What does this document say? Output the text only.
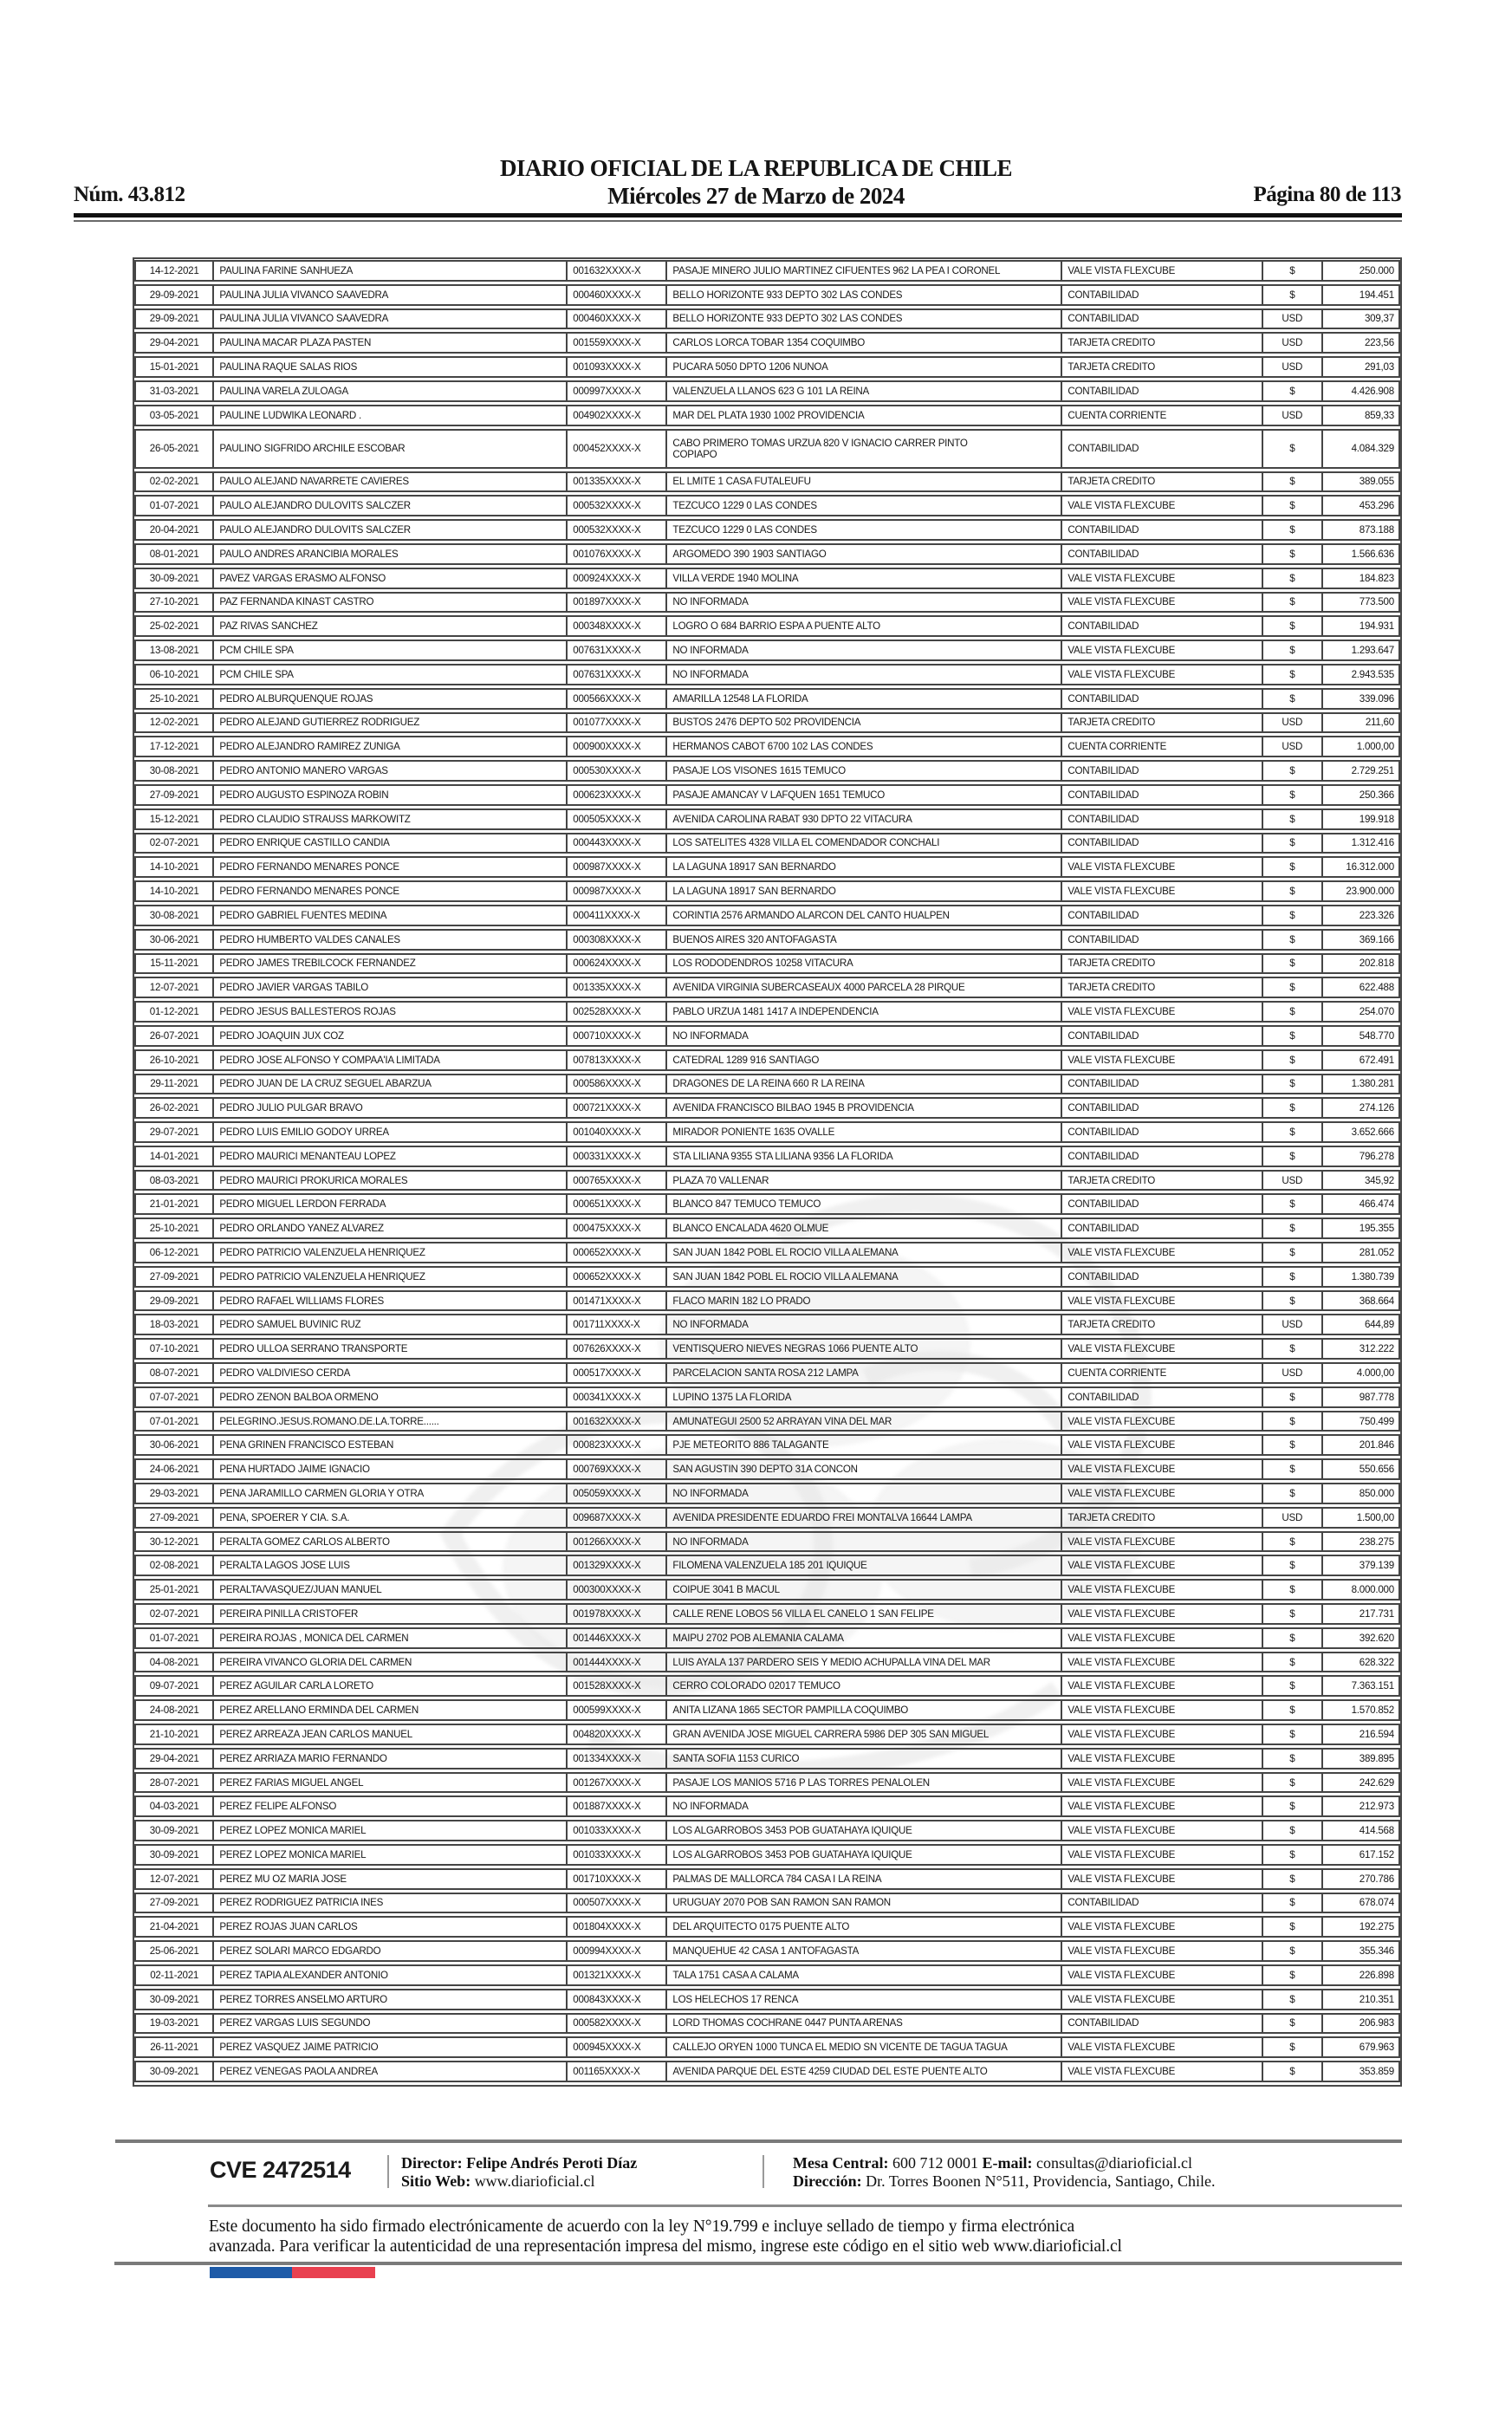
Núm. 43.812
DIARIO OFICIAL DE LA REPUBLICA DE CHILE
Miércoles 27 de Marzo de 2024	Página 80 de 113
14-12-2021	PAULINA FARINE SANHUEZA	001632XXXX-X	PASAJE MINERO JULIO MARTINEZ CIFUENTES 962 LA PEA I CORONEL	VALE VISTA FLEXCUBE	$	250.000
29-09-2021	PAULINA JULIA VIVANCO SAAVEDRA	000460XXXX-X	BELLO HORIZONTE 933 DEPTO 302 LAS CONDES	CONTABILIDAD	$	194.451
29-09-2021	PAULINA JULIA VIVANCO SAAVEDRA	000460XXXX-X	BELLO HORIZONTE 933 DEPTO 302 LAS CONDES	CONTABILIDAD	USD	309,37
29-04-2021	PAULINA MACAR PLAZA PASTEN	001559XXXX-X	CARLOS LORCA TOBAR 1354 COQUIMBO	TARJETA CREDITO	USD	223,56
15-01-2021	PAULINA RAQUE SALAS RIOS	001093XXXX-X	PUCARA 5050 DPTO 1206 NUNOA	TARJETA CREDITO	USD	291,03
31-03-2021	PAULINA VARELA ZULOAGA	000997XXXX-X	VALENZUELA LLANOS 623 G 101 LA REINA	CONTABILIDAD	$	4.426.908
03-05-2021	PAULINE LUDWIKA LEONARD .	004902XXXX-X	MAR DEL PLATA 1930 1002 PROVIDENCIA	CUENTA CORRIENTE	USD	859,33
26-05-2021	PAULINO SIGFRIDO ARCHILE ESCOBAR	000452XXXX-X	CABO PRIMERO TOMAS URZUA 820 V IGNACIO CARRER PINTO
COPIAPO	CONTABILIDAD	$	4.084.329
02-02-2021	PAULO ALEJAND NAVARRETE CAVIERES	001335XXXX-X	EL LMITE 1 CASA FUTALEUFU	TARJETA CREDITO	$	389.055
01-07-2021	PAULO ALEJANDRO DULOVITS SALCZER	000532XXXX-X	TEZCUCO 1229 0 LAS CONDES	VALE VISTA FLEXCUBE	$	453.296
20-04-2021	PAULO ALEJANDRO DULOVITS SALCZER	000532XXXX-X	TEZCUCO 1229 0 LAS CONDES	CONTABILIDAD	$	873.188
08-01-2021	PAULO ANDRES ARANCIBIA MORALES	001076XXXX-X	ARGOMEDO 390 1903 SANTIAGO	CONTABILIDAD	$	1.566.636
30-09-2021	PAVEZ VARGAS ERASMO ALFONSO	000924XXXX-X	VILLA VERDE 1940 MOLINA	VALE VISTA FLEXCUBE	$	184.823
27-10-2021	PAZ FERNANDA KINAST CASTRO	001897XXXX-X	NO INFORMADA	VALE VISTA FLEXCUBE	$	773.500
25-02-2021	PAZ RIVAS SANCHEZ	000348XXXX-X	LOGRO O 684 BARRIO ESPA A PUENTE ALTO	CONTABILIDAD	$	194.931
13-08-2021	PCM CHILE SPA	007631XXXX-X	NO INFORMADA	VALE VISTA FLEXCUBE	$	1.293.647
06-10-2021	PCM CHILE SPA	007631XXXX-X	NO INFORMADA	VALE VISTA FLEXCUBE	$	2.943.535
25-10-2021	PEDRO ALBURQUENQUE ROJAS	000566XXXX-X	AMARILLA 12548 LA FLORIDA	CONTABILIDAD	$	339.096
12-02-2021	PEDRO ALEJAND GUTIERREZ RODRIGUEZ	001077XXXX-X	BUSTOS 2476 DEPTO 502 PROVIDENCIA	TARJETA CREDITO	USD	211,60
17-12-2021	PEDRO ALEJANDRO RAMIREZ ZUNIGA	000900XXXX-X	HERMANOS CABOT 6700 102 LAS CONDES	CUENTA CORRIENTE	USD	1.000,00
30-08-2021	PEDRO ANTONIO MANERO VARGAS	000530XXXX-X	PASAJE LOS VISONES 1615 TEMUCO	CONTABILIDAD	$	2.729.251
27-09-2021	PEDRO AUGUSTO ESPINOZA ROBIN	000623XXXX-X	PASAJE AMANCAY V LAFQUEN 1651 TEMUCO	CONTABILIDAD	$	250.366
15-12-2021	PEDRO CLAUDIO STRAUSS MARKOWITZ	000505XXXX-X	AVENIDA CAROLINA RABAT 930 DPTO 22 VITACURA	CONTABILIDAD	$	199.918
02-07-2021	PEDRO ENRIQUE CASTILLO CANDIA	000443XXXX-X	LOS SATELITES 4328 VILLA EL COMENDADOR CONCHALI	CONTABILIDAD	$	1.312.416
14-10-2021	PEDRO FERNANDO MENARES PONCE	000987XXXX-X	LA LAGUNA 18917 SAN BERNARDO	VALE VISTA FLEXCUBE	$	16.312.000
14-10-2021	PEDRO FERNANDO MENARES PONCE	000987XXXX-X	LA LAGUNA 18917 SAN BERNARDO	VALE VISTA FLEXCUBE	$	23.900.000
30-08-2021	PEDRO GABRIEL FUENTES MEDINA	000411XXXX-X	CORINTIA 2576 ARMANDO ALARCON DEL CANTO HUALPEN	CONTABILIDAD	$	223.326
30-06-2021	PEDRO HUMBERTO VALDES CANALES	000308XXXX-X	BUENOS AIRES 320 ANTOFAGASTA	CONTABILIDAD	$	369.166
15-11-2021	PEDRO JAMES TREBILCOCK FERNANDEZ	000624XXXX-X	LOS RODODENDROS 10258 VITACURA	TARJETA CREDITO	$	202.818
12-07-2021	PEDRO JAVIER VARGAS TABILO	001335XXXX-X	AVENIDA VIRGINIA SUBERCASEAUX 4000 PARCELA 28 PIRQUE	TARJETA CREDITO	$	622.488
01-12-2021	PEDRO JESUS BALLESTEROS ROJAS	002528XXXX-X	PABLO URZUA 1481 1417 A INDEPENDENCIA	VALE VISTA FLEXCUBE	$	254.070
26-07-2021	PEDRO JOAQUIN JUX COZ	000710XXXX-X	NO INFORMADA	CONTABILIDAD	$	548.770
26-10-2021	PEDRO JOSE ALFONSO Y COMPAA'IA LIMITADA	007813XXXX-X	CATEDRAL 1289 916 SANTIAGO	VALE VISTA FLEXCUBE	$	672.491
29-11-2021	PEDRO JUAN DE LA CRUZ SEGUEL ABARZUA	000586XXXX-X	DRAGONES DE LA REINA 660 R LA REINA	CONTABILIDAD	$	1.380.281
26-02-2021	PEDRO JULIO PULGAR BRAVO	000721XXXX-X	AVENIDA FRANCISCO BILBAO 1945 B PROVIDENCIA	CONTABILIDAD	$	274.126
29-07-2021	PEDRO LUIS EMILIO GODOY URREA	001040XXXX-X	MIRADOR PONIENTE 1635 OVALLE	CONTABILIDAD	$	3.652.666
14-01-2021	PEDRO MAURICI MENANTEAU LOPEZ	000331XXXX-X	STA LILIANA 9355 STA LILIANA 9356 LA FLORIDA	CONTABILIDAD	$	796.278
08-03-2021	PEDRO MAURICI PROKURICA MORALES	000765XXXX-X	PLAZA 70 VALLENAR	TARJETA CREDITO	USD	345,92
21-01-2021	PEDRO MIGUEL LERDON FERRADA	000651XXXX-X	BLANCO 847 TEMUCO TEMUCO	CONTABILIDAD	$	466.474
25-10-2021	PEDRO ORLANDO YANEZ ALVAREZ	000475XXXX-X	BLANCO ENCALADA 4620 OLMUE	CONTABILIDAD	$	195.355
06-12-2021	PEDRO PATRICIO VALENZUELA HENRIQUEZ	000652XXXX-X	SAN JUAN 1842 POBL EL ROCIO VILLA ALEMANA	VALE VISTA FLEXCUBE	$	281.052
27-09-2021	PEDRO PATRICIO VALENZUELA HENRIQUEZ	000652XXXX-X	SAN JUAN 1842 POBL EL ROCIO VILLA ALEMANA	CONTABILIDAD	$	1.380.739
29-09-2021	PEDRO RAFAEL WILLIAMS FLORES	001471XXXX-X	FLACO MARIN 182 LO PRADO	VALE VISTA FLEXCUBE	$	368.664
18-03-2021	PEDRO SAMUEL BUVINIC RUZ	001711XXXX-X	NO INFORMADA	TARJETA CREDITO	USD	644,89
07-10-2021	PEDRO ULLOA SERRANO TRANSPORTE	007626XXXX-X	VENTISQUERO NIEVES NEGRAS 1066 PUENTE ALTO	VALE VISTA FLEXCUBE	$	312.222
08-07-2021	PEDRO VALDIVIESO CERDA	000517XXXX-X	PARCELACION SANTA ROSA 212 LAMPA	CUENTA CORRIENTE	USD	4.000,00
07-07-2021	PEDRO ZENON BALBOA ORMENO	000341XXXX-X	LUPINO 1375 LA FLORIDA	CONTABILIDAD	$	987.778
07-01-2021	PELEGRINO.JESUS.ROMANO.DE.LA.TORRE......	001632XXXX-X	AMUNATEGUI 2500 52 ARRAYAN VINA DEL MAR	VALE VISTA FLEXCUBE	$	750.499
30-06-2021	PENA GRINEN FRANCISCO ESTEBAN	000823XXXX-X	PJE METEORITO 886 TALAGANTE	VALE VISTA FLEXCUBE	$	201.846
24-06-2021	PENA HURTADO JAIME IGNACIO	000769XXXX-X	SAN AGUSTIN 390 DEPTO 31A CONCON	VALE VISTA FLEXCUBE	$	550.656
29-03-2021	PENA JARAMILLO CARMEN GLORIA Y OTRA	005059XXXX-X	NO INFORMADA	VALE VISTA FLEXCUBE	$	850.000
27-09-2021	PENA, SPOERER Y CIA. S.A.	009687XXXX-X	AVENIDA PRESIDENTE EDUARDO FREI MONTALVA 16644 LAMPA	TARJETA CREDITO	USD	1.500,00
30-12-2021	PERALTA GOMEZ CARLOS ALBERTO	001266XXXX-X	NO INFORMADA	VALE VISTA FLEXCUBE	$	238.275
02-08-2021	PERALTA LAGOS JOSE LUIS	001329XXXX-X	FILOMENA VALENZUELA 185 201 IQUIQUE	VALE VISTA FLEXCUBE	$	379.139
25-01-2021	PERALTA/VASQUEZ/JUAN MANUEL	000300XXXX-X	COIPUE 3041 B MACUL	VALE VISTA FLEXCUBE	$	8.000.000
02-07-2021	PEREIRA PINILLA CRISTOFER	001978XXXX-X	CALLE RENE LOBOS 56 VILLA EL CANELO 1 SAN FELIPE	VALE VISTA FLEXCUBE	$	217.731
01-07-2021	PEREIRA ROJAS , MONICA DEL CARMEN	001446XXXX-X	MAIPU 2702 POB ALEMANIA CALAMA	VALE VISTA FLEXCUBE	$	392.620
04-08-2021	PEREIRA VIVANCO GLORIA DEL CARMEN	001444XXXX-X	LUIS AYALA 137 PARDERO SEIS Y MEDIO ACHUPALLA VINA DEL MAR	VALE VISTA FLEXCUBE	$	628.322
09-07-2021	PEREZ AGUILAR CARLA LORETO	001528XXXX-X	CERRO COLORADO 02017 TEMUCO	VALE VISTA FLEXCUBE	$	7.363.151
24-08-2021	PEREZ ARELLANO ERMINDA DEL CARMEN	000599XXXX-X	ANITA LIZANA 1865 SECTOR PAMPILLA COQUIMBO	VALE VISTA FLEXCUBE	$	1.570.852
21-10-2021	PEREZ ARREAZA JEAN CARLOS MANUEL	004820XXXX-X	GRAN AVENIDA JOSE MIGUEL CARRERA 5986 DEP 305 SAN MIGUEL	VALE VISTA FLEXCUBE	$	216.594
29-04-2021	PEREZ ARRIAZA MARIO FERNANDO	001334XXXX-X	SANTA SOFIA 1153 CURICO	VALE VISTA FLEXCUBE	$	389.895
28-07-2021	PEREZ FARIAS MIGUEL ANGEL	001267XXXX-X	PASAJE LOS MANIOS 5716 P LAS TORRES PENALOLEN	VALE VISTA FLEXCUBE	$	242.629
04-03-2021	PEREZ FELIPE ALFONSO	001887XXXX-X	NO INFORMADA	VALE VISTA FLEXCUBE	$	212.973
30-09-2021	PEREZ LOPEZ MONICA MARIEL	001033XXXX-X	LOS ALGARROBOS 3453 POB GUATAHAYA IQUIQUE	VALE VISTA FLEXCUBE	$	414.568
30-09-2021	PEREZ LOPEZ MONICA MARIEL	001033XXXX-X	LOS ALGARROBOS 3453 POB GUATAHAYA IQUIQUE	VALE VISTA FLEXCUBE	$	617.152
12-07-2021	PEREZ MU OZ MARIA JOSE	001710XXXX-X	PALMAS DE MALLORCA 784 CASA I LA REINA	VALE VISTA FLEXCUBE	$	270.786
27-09-2021	PEREZ RODRIGUEZ PATRICIA INES	000507XXXX-X	URUGUAY 2070 POB SAN RAMON SAN RAMON	CONTABILIDAD	$	678.074
21-04-2021	PEREZ ROJAS JUAN CARLOS	001804XXXX-X	DEL ARQUITECTO 0175 PUENTE ALTO	VALE VISTA FLEXCUBE	$	192.275
25-06-2021	PEREZ SOLARI MARCO EDGARDO	000994XXXX-X	MANQUEHUE 42 CASA 1 ANTOFAGASTA	VALE VISTA FLEXCUBE	$	355.346
02-11-2021	PEREZ TAPIA ALEXANDER ANTONIO	001321XXXX-X	TALA 1751 CASA A CALAMA	VALE VISTA FLEXCUBE	$	226.898
30-09-2021	PEREZ TORRES ANSELMO ARTURO	000843XXXX-X	LOS HELECHOS 17 RENCA	VALE VISTA FLEXCUBE	$	210.351
19-03-2021	PEREZ VARGAS LUIS SEGUNDO	000582XXXX-X	LORD THOMAS COCHRANE 0447 PUNTA ARENAS	CONTABILIDAD	$	206.983
26-11-2021	PEREZ VASQUEZ JAIME PATRICIO	000945XXXX-X	CALLEJO ORYEN 1000 TUNCA EL MEDIO SN VICENTE DE TAGUA TAGUA	VALE VISTA FLEXCUBE	$	679.963
30-09-2021	PEREZ VENEGAS PAOLA ANDREA	001165XXXX-X	AVENIDA PARQUE DEL ESTE 4259 CIUDAD DEL ESTE PUENTE ALTO	VALE VISTA FLEXCUBE	$	353.859
CVE 2472514	Director: Felipe Andrés Peroti Díaz
Sitio Web: www.diarioficial.cl
Mesa Central: 600 712 0001 E-mail: consultas@diarioficial.cl
Dirección: Dr. Torres Boonen N°511, Providencia, Santiago, Chile.
Este documento ha sido firmado electrónicamente de acuerdo con la ley N°19.799 e incluye sellado de tiempo y firma electrónica
avanzada. Para verificar la autenticidad de una representación impresa del mismo, ingrese este código en el sitio web www.diarioficial.cl
